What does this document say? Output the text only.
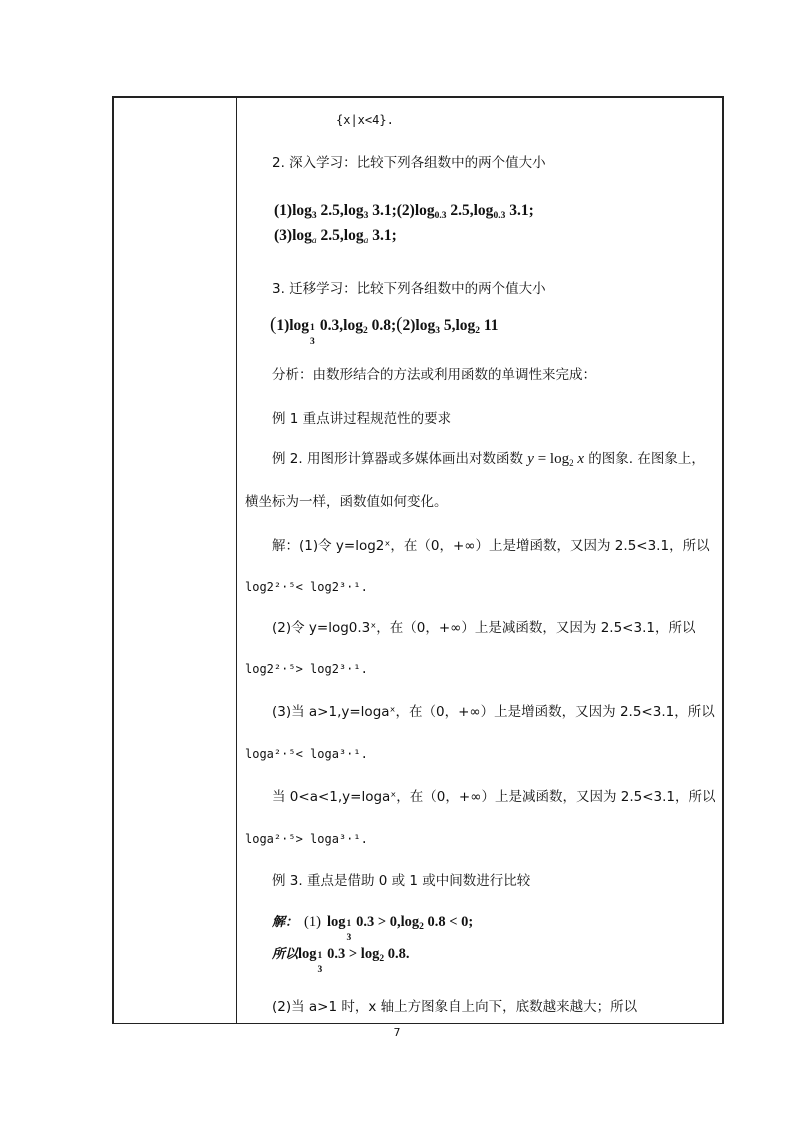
{x|x<4}.
2. 深入学习：比较下列各组数中的两个值大小
$(1)\log_3$ $2.5,\log_3$ $3.1;(2)\log_{0.3}$ $2.5,\log_{0.3}$ 3.1;
$(3)\log_a$ $2.5,\log_a$ 3.1;
3. 迁移学习：比较下列各组数中的两个值大小
(1)log 1
3
$0.3,\log_2$ $0.8;(2)\log_3$ $5,\log_2$ 11
分析：由数形结合的方法或利用函数的单调性来完成：
例 1 重点讲过程规范性的要求
例 2. 用图形计算器或多媒体画出对数函数 $y = \log_2 x$ 的图象. 在图象上，
横坐标为一样，函数值如何变化。
解：(1)令 y=log2ˣ，在（0，+∞）上是增函数，又因为 2.5<3.1，所以
log2²·⁵< log2³·¹.
(2)令 y=log0.3ˣ，在（0，+∞）上是减函数，又因为 2.5<3.1，所以
log2²·⁵> log2³·¹.
(3)当 a>1,y=logaˣ，在（0，+∞）上是增函数，又因为 2.5<3.1，所以
loga²·⁵< loga³·¹.
当 0<a<1,y=logaˣ，在（0，+∞）上是减函数，又因为 2.5<3.1，所以
loga²·⁵> loga³·¹.
例 3. 重点是借助 0 或 1 或中间数进行比较
解： (1) log 1
3
$0.3 > 0,\log_2$ 0.8 < 0;
所以log 1
3
$0.3 > \log_2 0.8$.
(2)当 a>1 时，x 轴上方图象自上向下，底数越来越大；所以
7
